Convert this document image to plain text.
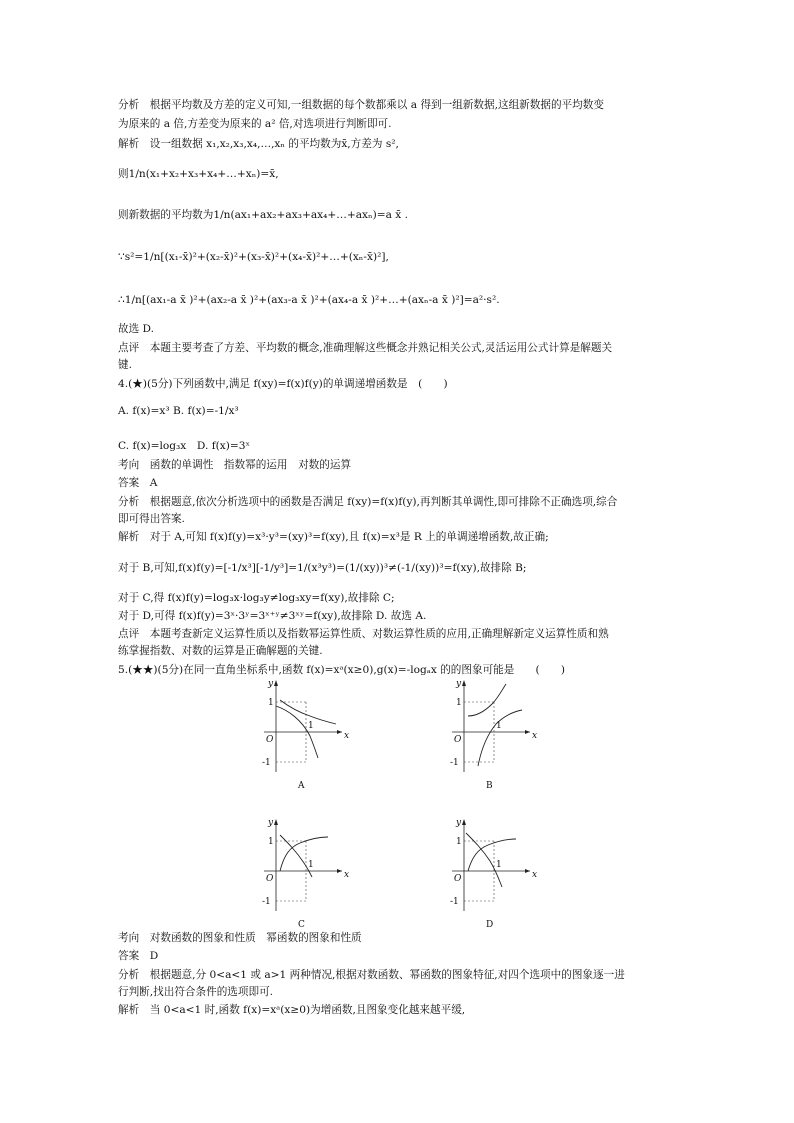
分析　根据平均数及方差的定义可知,一组数据的每个数都乘以 a 得到一组新数据,这组新数据的平均数变
为原来的 a 倍,方差变为原来的 a² 倍,对选项进行判断即可.
解析　设一组数据 x₁,x₂,x₃,x₄,…,xₙ 的平均数为x̄,方差为 s²,
则1/n(x₁+x₂+x₃+x₄+…+xₙ)=x̄,
则新数据的平均数为1/n(ax₁+ax₂+ax₃+ax₄+…+axₙ)=a x̄ .
∵s²=1/n[(x₁-x̄)²+(x₂-x̄)²+(x₃-x̄)²+(x₄-x̄)²+…+(xₙ-x̄)²],
∴1/n[(ax₁-a x̄ )²+(ax₂-a x̄ )²+(ax₃-a x̄ )²+(ax₄-a x̄ )²+…+(axₙ-a x̄ )²]=a²·s².
故选 D.
点评　本题主要考查了方差、平均数的概念,准确理解这些概念并熟记相关公式,灵活运用公式计算是解题关
键.
4.(★)(5分)下列函数中,满足 f(xy)=f(x)f(y)的单调递增函数是　(　　)
A. f(x)=x³ B. f(x)=-1/x³
C. f(x)=log₃x　D. f(x)=3ˣ
考向　函数的单调性　指数幂的运用　对数的运算
答案　A
分析　根据题意,依次分析选项中的函数是否满足 f(xy)=f(x)f(y),再判断其单调性,即可排除不正确选项,综合
即可得出答案.
解析　对于 A,可知 f(x)f(y)=x³·y³=(xy)³=f(xy),且 f(x)=x³是 R 上的单调递增函数,故正确;
对于 B,可知,f(x)f(y)=[-1/x³][-1/y³]=1/(x³y³)=(1/(xy))³≠(-1/(xy))³=f(xy),故排除 B;
对于 C,得 f(x)f(y)=log₃x·log₃y≠log₃xy=f(xy),故排除 C;
对于 D,可得 f(x)f(y)=3ˣ·3ʸ=3ˣ⁺ʸ≠3ˣʸ=f(xy),故排除 D. 故选 A.
点评　本题考查新定义运算性质以及指数幂运算性质、对数运算性质的应用,正确理解新定义运算性质和熟
练掌握指数、对数的运算是正确解题的关键.
5.(★★)(5分)在同一直角坐标系中,函数 f(x)=xᵃ(x≥0),g(x)=-logₐx 的的图象可能是　　(　　)
y
x
O
1
1
-1
A
y
x
O
1
1
-1
B
y
x
O
1
1
-1
C
y
x
O
1
1
-1
D
考向　对数函数的图象和性质　幂函数的图象和性质
答案　D
分析　根据题意,分 0<a<1 或 a>1 两种情况,根据对数函数、幂函数的图象特征,对四个选项中的图象逐一进
行判断,找出符合条件的选项即可.
解析　当 0<a<1 时,函数 f(x)=xᵃ(x≥0)为增函数,且图象变化越来越平缓,
